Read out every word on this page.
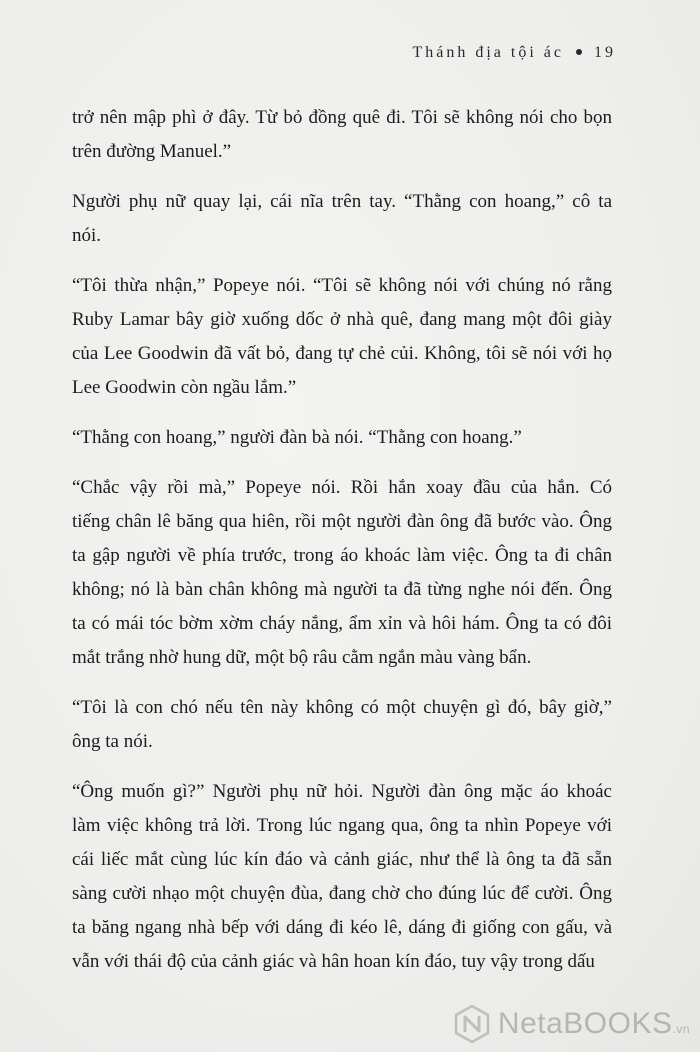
Thánh địa tội ác 19
trở nên mập phì ở đây. Từ bỏ đồng quê đi. Tôi sẽ không nói cho bọn
trên đường Manuel.”
Người phụ nữ quay lại, cái nĩa trên tay. “Thằng con hoang,” cô ta
nói.
“Tôi thừa nhận,” Popeye nói. “Tôi sẽ không nói với chúng nó rằng
Ruby Lamar bây giờ xuống dốc ở nhà quê, đang mang một đôi giày
của Lee Goodwin đã vất bỏ, đang tự chẻ củi. Không, tôi sẽ nói với họ
Lee Goodwin còn ngầu lắm.”
“Thằng con hoang,” người đàn bà nói. “Thằng con hoang.”
“Chắc vậy rồi mà,” Popeye nói. Rồi hắn xoay đầu của hắn. Có
tiếng chân lê băng qua hiên, rồi một người đàn ông đã bước vào. Ông
ta gập người về phía trước, trong áo khoác làm việc. Ông ta đi chân
không; nó là bàn chân không mà người ta đã từng nghe nói đến. Ông
ta có mái tóc bờm xờm cháy nắng, ẩm xỉn và hôi hám. Ông ta có đôi
mắt trắng nhờ hung dữ, một bộ râu cằm ngắn màu vàng bẩn.
“Tôi là con chó nếu tên này không có một chuyện gì đó, bây giờ,”
ông ta nói.
“Ông muốn gì?” Người phụ nữ hỏi. Người đàn ông mặc áo khoác
làm việc không trả lời. Trong lúc ngang qua, ông ta nhìn Popeye với
cái liếc mắt cùng lúc kín đáo và cảnh giác, như thể là ông ta đã sẵn
sàng cười nhạo một chuyện đùa, đang chờ cho đúng lúc để cười. Ông
ta băng ngang nhà bếp với dáng đi kéo lê, dáng đi giống con gấu, và
vẫn với thái độ của cảnh giác và hân hoan kín đáo, tuy vậy trong dấu
NetaBOOKS.vn
